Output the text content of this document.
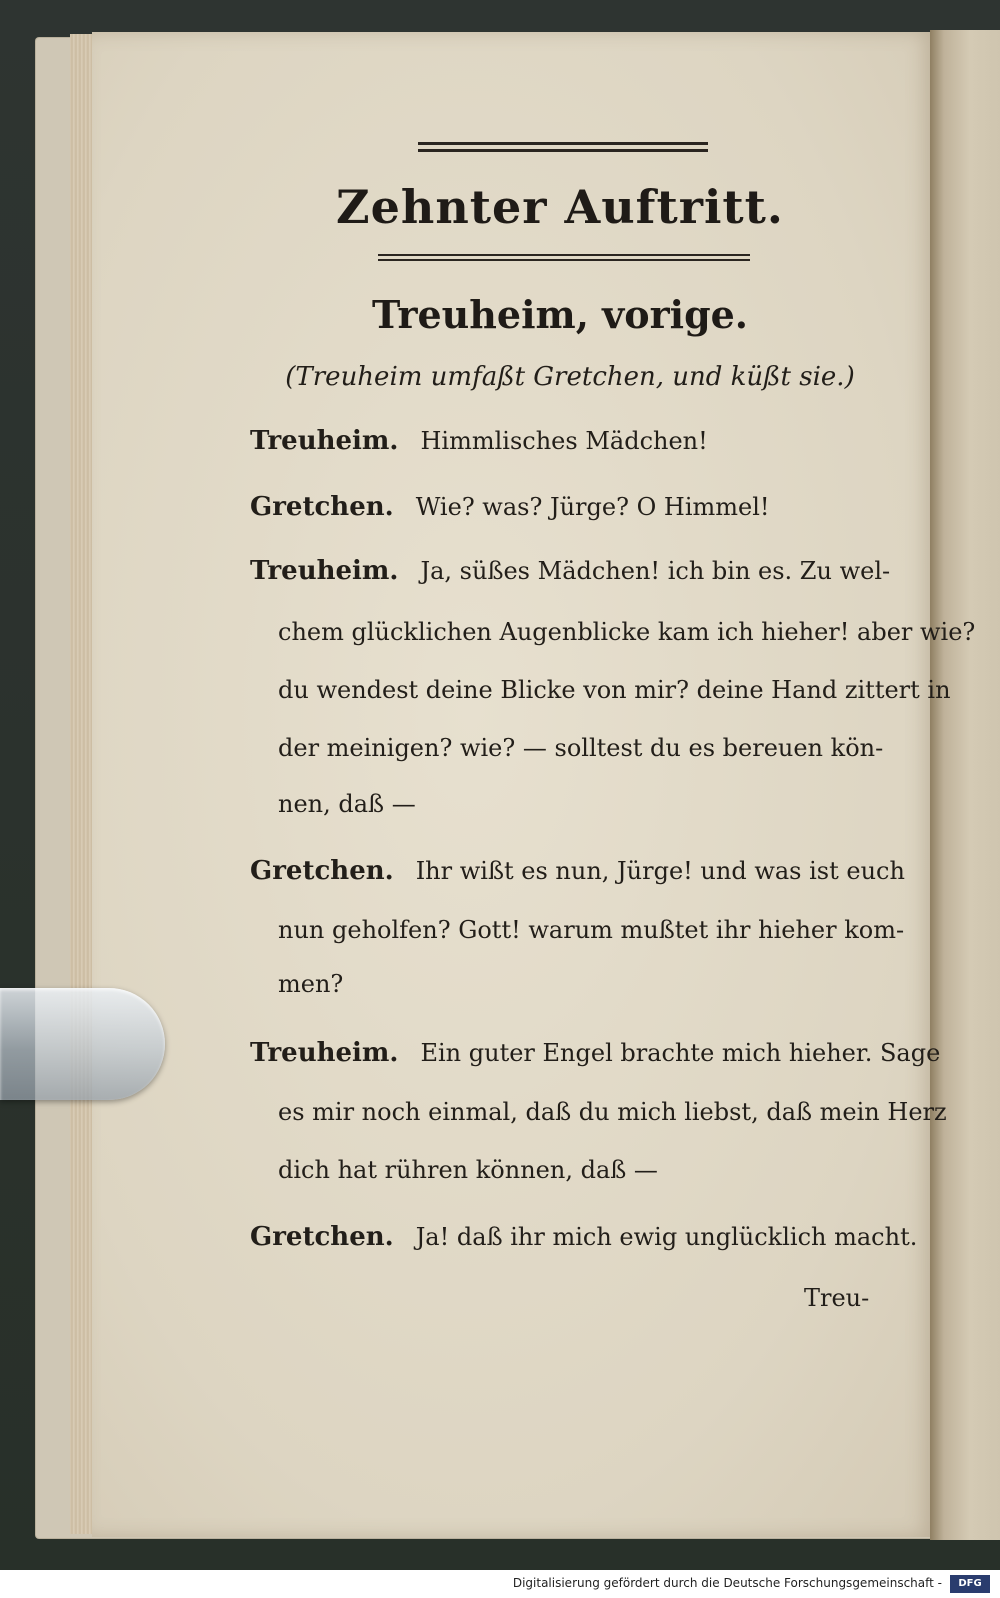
Zehnter Auftritt.
Treuheim, vorige.
(Treuheim umfaßt Gretchen, und küßt sie.)
Treuheim. Himmlisches Mädchen!
Gretchen. Wie? was? Jürge? O Himmel!
Treuheim. Ja, süßes Mädchen! ich bin es. Zu wel-
chem glücklichen Augenblicke kam ich hieher! aber wie?
du wendest deine Blicke von mir? deine Hand zittert in
der meinigen? wie? — solltest du es bereuen kön-
nen, daß —
Gretchen. Ihr wißt es nun, Jürge! und was ist euch
nun geholfen? Gott! warum mußtet ihr hieher kom-
men?
Treuheim. Ein guter Engel brachte mich hieher. Sage
es mir noch einmal, daß du mich liebst, daß mein Herz
dich hat rühren können, daß —
Gretchen. Ja! daß ihr mich ewig unglücklich macht.
Treu-
Digitalisierung gefördert durch die Deutsche Forschungsgemeinschaft -	DFG
